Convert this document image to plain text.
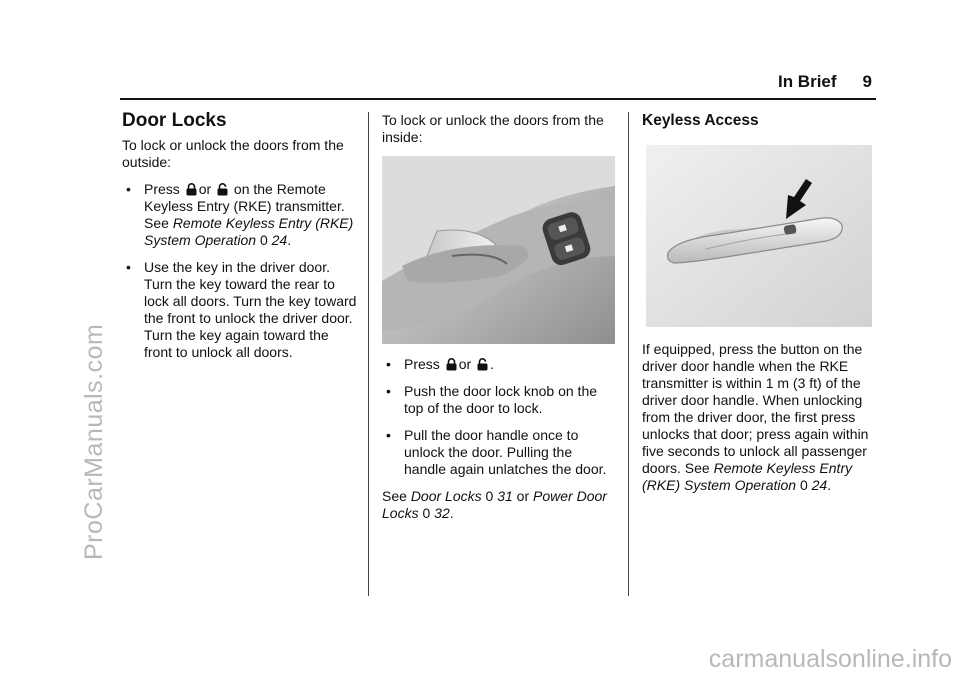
ProCarManuals.com
carmanualsonline.info
In Brief 9
Door Locks

To lock or unlock the doors from the outside:

• Press or on the Remote Keyless Entry (RKE) transmitter. See Remote Keyless Entry (RKE) System Operation 0 24.
• Use the key in the driver door. Turn the key toward the rear to lock all doors. Turn the key toward the front to unlock the driver door. Turn the key again toward the front to unlock all doors.

To lock or unlock the doors from the inside:

• Press or .
• Push the door lock knob on the top of the door to lock.
• Pull the door handle once to unlock the door. Pulling the handle again unlatches the door.

See Door Locks 0 31 or Power Door Locks 0 32.

Keyless Access

If equipped, press the button on the driver door handle when the RKE transmitter is within 1 m (3 ft) of the driver door handle. When unlocking from the driver door, the first press unlocks that door; press again within five seconds to unlock all passenger doors. See Remote Keyless Entry (RKE) System Operation 0 24.
